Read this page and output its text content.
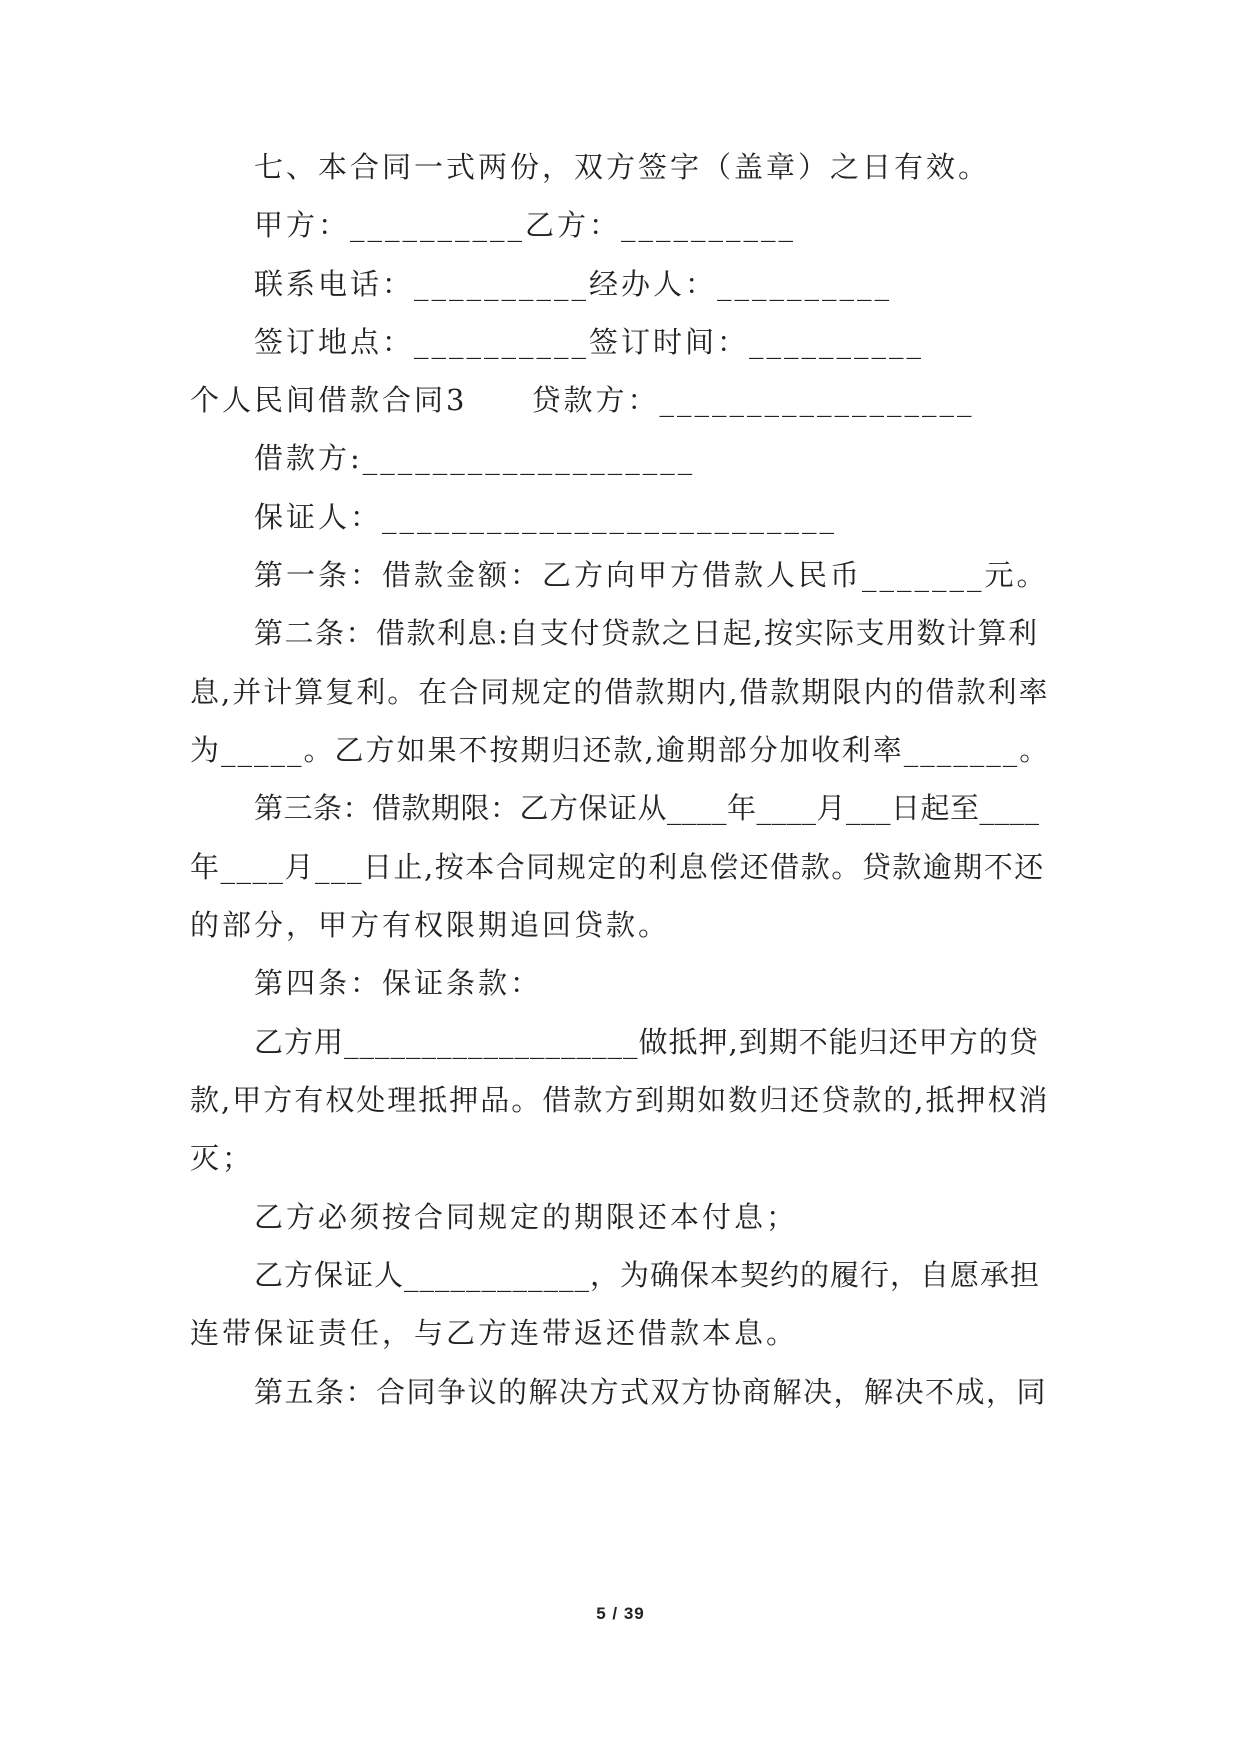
七、本合同一式两份，双方签字（盖章）之日有效。
甲方：__________乙方：__________
联系电话：__________经办人：__________
签订地点：__________签订时间：__________
个人民间借款合同3　　贷款方：__________________
借款方:___________________
保证人：__________________________
第一条：借款金额：乙方向甲方借款人民币_______元。
第二条：借款利息:自支付贷款之日起,按实际支用数计算利
息,并计算复利。在合同规定的借款期内,借款期限内的借款利率
为_____。乙方如果不按期归还款,逾期部分加收利率_______。
第三条：借款期限：乙方保证从____年____月___日起至____
年____月___日止,按本合同规定的利息偿还借款。贷款逾期不还
的部分，甲方有权限期追回贷款。
第四条：保证条款：
乙方用___________________做抵押,到期不能归还甲方的贷
款,甲方有权处理抵押品。借款方到期如数归还贷款的,抵押权消
灭；
乙方必须按合同规定的期限还本付息；
乙方保证人____________，为确保本契约的履行，自愿承担
连带保证责任，与乙方连带返还借款本息。
第五条：合同争议的解决方式双方协商解决，解决不成，同
5 / 39
